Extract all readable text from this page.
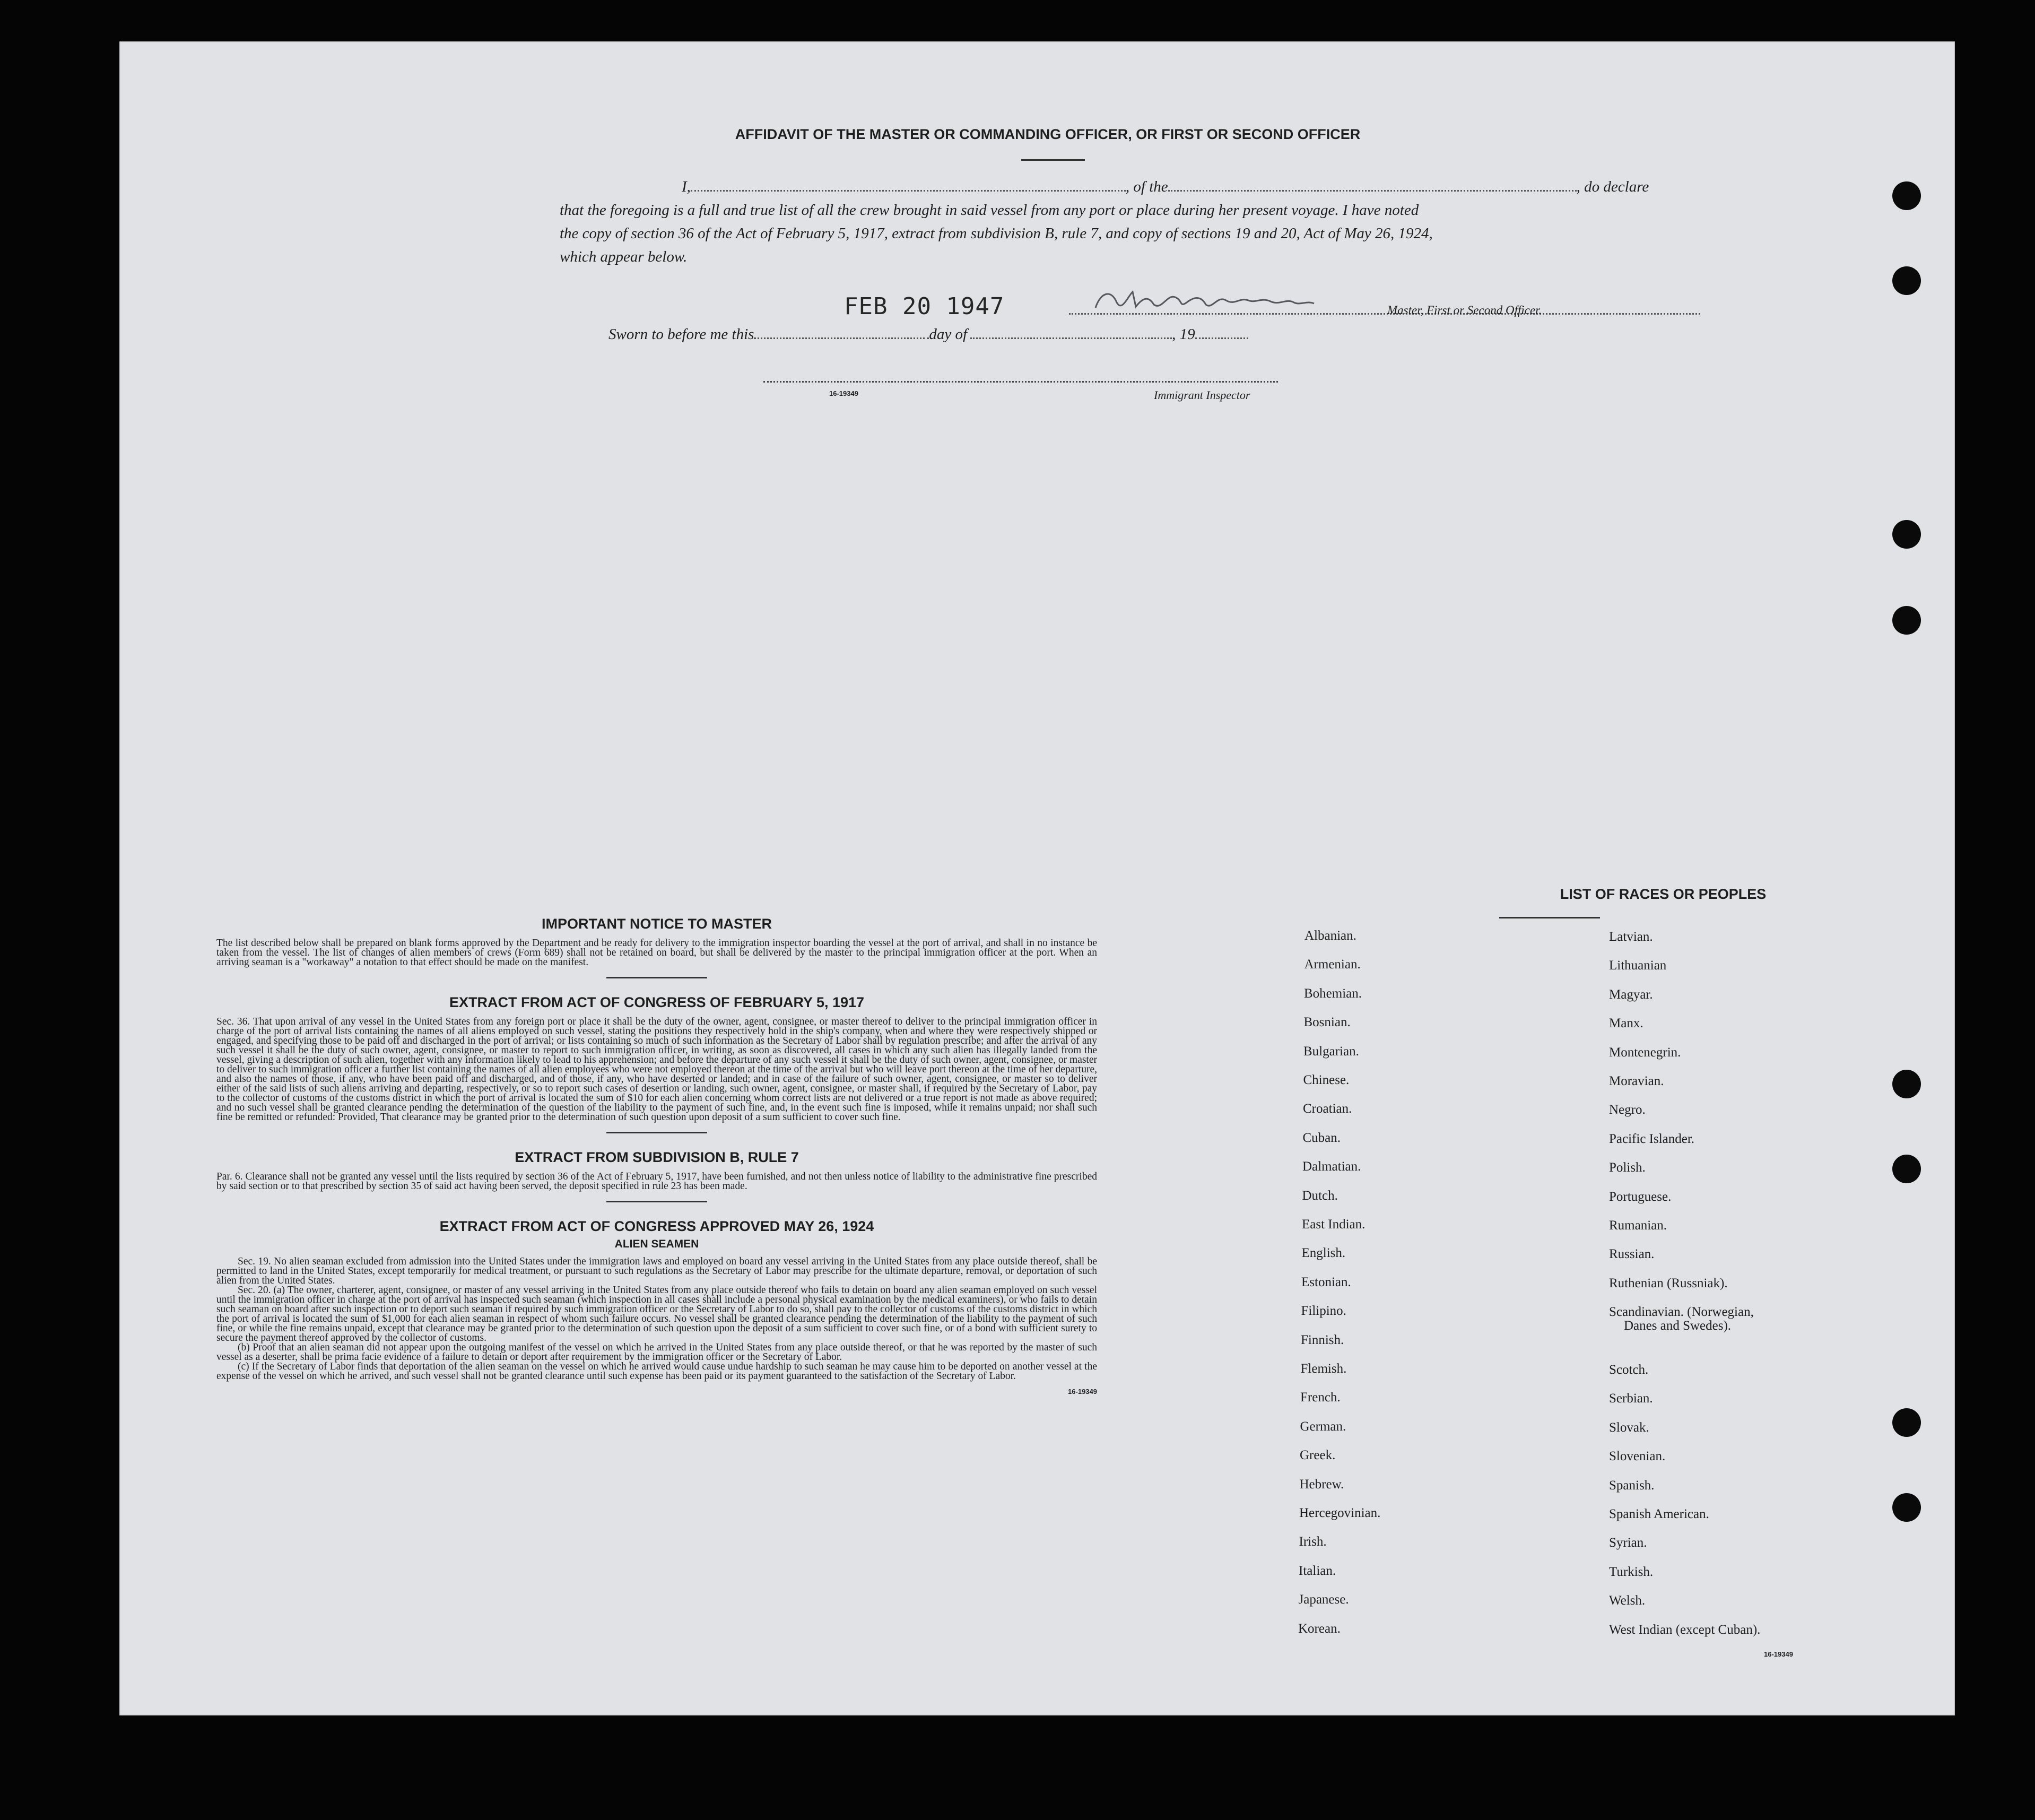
AFFIDAVIT OF THE MASTER OR COMMANDING OFFICER, OR FIRST OR SECOND OFFICER
I,	, of the	, do declare
that the foregoing is a full and true list of all the crew brought in said vessel from any port or place during her present voyage. I have noted
the copy of section 36 of the Act of February 5, 1917, extract from subdivision B, rule 7, and copy of sections 19 and 20, Act of May 26, 1924,
which appear below.
FEB 20 1947	Master, First or Second Officer.
Sworn to before me this	day of	, 19
16-19349	Immigrant Inspector
IMPORTANT NOTICE TO MASTER
The list described below shall be prepared on blank forms approved by the Department and be ready for delivery to the immigration inspector boarding the vessel at the port of arrival, and shall in no instance be taken from the vessel. The list of changes of alien members of crews (Form 689) shall not be retained on board, but shall be delivered by the master to the principal immigration officer at the port. When an arriving seaman is a "workaway" a notation to that effect should be made on the manifest.
EXTRACT FROM ACT OF CONGRESS OF FEBRUARY 5, 1917
Sec. 36. That upon arrival of any vessel in the United States from any foreign port or place it shall be the duty of the owner, agent, consignee, or master thereof to deliver to the principal immigration officer in charge of the port of arrival lists containing the names of all aliens employed on such vessel, stating the positions they respectively hold in the ship's company, when and where they were respectively shipped or engaged, and specifying those to be paid off and discharged in the port of arrival; or lists containing so much of such information as the Secretary of Labor shall by regulation prescribe; and after the arrival of any such vessel it shall be the duty of such owner, agent, consignee, or master to report to such immigration officer, in writing, as soon as discovered, all cases in which any such alien has illegally landed from the vessel, giving a description of such alien, together with any information likely to lead to his apprehension; and before the departure of any such vessel it shall be the duty of such owner, agent, consignee, or master to deliver to such immigration officer a further list containing the names of all alien employees who were not employed thereon at the time of the arrival but who will leave port thereon at the time of her departure, and also the names of those, if any, who have been paid off and discharged, and of those, if any, who have deserted or landed; and in case of the failure of such owner, agent, consignee, or master so to deliver either of the said lists of such aliens arriving and departing, respectively, or so to report such cases of desertion or landing, such owner, agent, consignee, or master shall, if required by the Secretary of Labor, pay to the collector of customs of the customs district in which the port of arrival is located the sum of $10 for each alien concerning whom correct lists are not delivered or a true report is not made as above required; and no such vessel shall be granted clearance pending the determination of the question of the liability to the payment of such fine, and, in the event such fine is imposed, while it remains unpaid; nor shall such fine be remitted or refunded: Provided, That clearance may be granted prior to the determination of such question upon deposit of a sum sufficient to cover such fine.
EXTRACT FROM SUBDIVISION B, RULE 7
Par. 6. Clearance shall not be granted any vessel until the lists required by section 36 of the Act of February 5, 1917, have been furnished, and not then unless notice of liability to the administrative fine prescribed by said section or to that prescribed by section 35 of said act having been served, the deposit specified in rule 23 has been made.
EXTRACT FROM ACT OF CONGRESS APPROVED MAY 26, 1924
ALIEN SEAMEN
Sec. 19. No alien seaman excluded from admission into the United States under the immigration laws and employed on board any vessel arriving in the United States from any place outside thereof, shall be permitted to land in the United States, except temporarily for medical treatment, or pursuant to such regulations as the Secretary of Labor may prescribe for the ultimate departure, removal, or deportation of such alien from the United States.
Sec. 20. (a) The owner, charterer, agent, consignee, or master of any vessel arriving in the United States from any place outside thereof who fails to detain on board any alien seaman employed on such vessel until the immigration officer in charge at the port of arrival has inspected such seaman (which inspection in all cases shall include a personal physical examination by the medical examiners), or who fails to detain such seaman on board after such inspection or to deport such seaman if required by such immigration officer or the Secretary of Labor to do so, shall pay to the collector of customs of the customs district in which the port of arrival is located the sum of $1,000 for each alien seaman in respect of whom such failure occurs. No vessel shall be granted clearance pending the determination of the liability to the payment of such fine, or while the fine remains unpaid, except that clearance may be granted prior to the determination of such question upon the deposit of a sum sufficient to cover such fine, or of a bond with sufficient surety to secure the payment thereof approved by the collector of customs.
(b) Proof that an alien seaman did not appear upon the outgoing manifest of the vessel on which he arrived in the United States from any place outside thereof, or that he was reported by the master of such vessel as a deserter, shall be prima facie evidence of a failure to detain or deport after requirement by the immigration officer or the Secretary of Labor.
(c) If the Secretary of Labor finds that deportation of the alien seaman on the vessel on which he arrived would cause undue hardship to such seaman he may cause him to be deported on another vessel at the expense of the vessel on which he arrived, and such vessel shall not be granted clearance until such expense has been paid or its payment guaranteed to the satisfaction of the Secretary of Labor.
16-19349
LIST OF RACES OR PEOPLES
16-19349
Albanian.
Armenian.
Bohemian.
Bosnian.
Bulgarian.
Chinese.
Croatian.
Cuban.
Dalmatian.
Dutch.
East Indian.
English.
Estonian.
Filipino.
Finnish.
Flemish.
French.
German.
Greek.
Hebrew.
Hercegovinian.
Irish.
Italian.
Japanese.
Korean.
Latvian.
Lithuanian
Magyar.
Manx.
Montenegrin.
Moravian.
Negro.
Pacific Islander.
Polish.
Portuguese.
Rumanian.
Russian.
Ruthenian (Russniak).
Scandinavian. (Norwegian,
Scotch.
Serbian.
Slovak.
Slovenian.
Spanish.
Spanish American.
Syrian.
Turkish.
Welsh.
West Indian (except Cuban).
Danes and Swedes).
